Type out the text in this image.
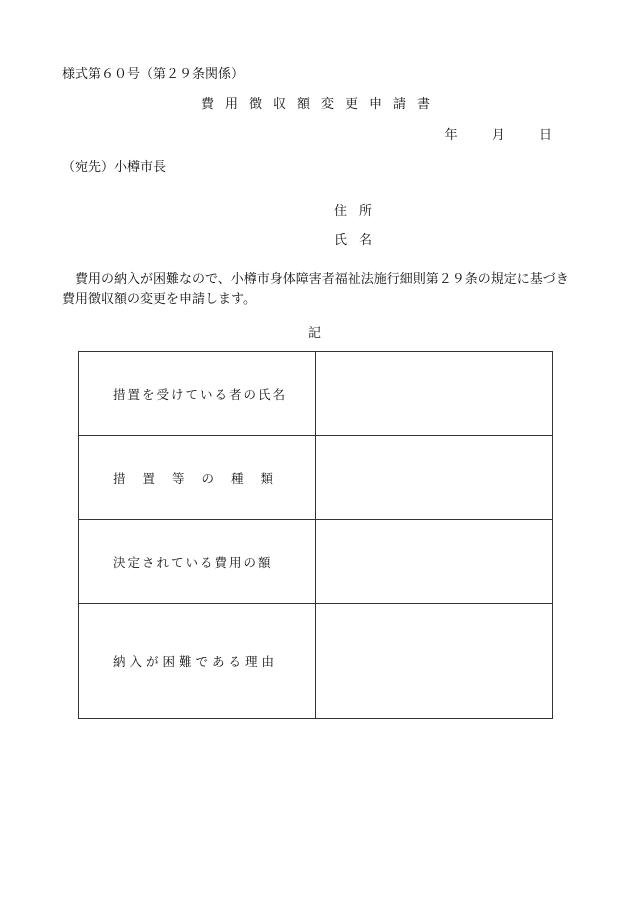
様式第６０号（第２９条関係）
費用徴収額変更申請書
年	月	日
（宛先）小樽市長
住所
氏名
費用の納入が困難なので、小樽市身体障害者福祉法施行細則第２９条の規定に基づき費用徴収額の変更を申請します。
記
措置を受けている者の氏名	
措置等の種類	
決定されている費用の額	
納入が困難である理由	
